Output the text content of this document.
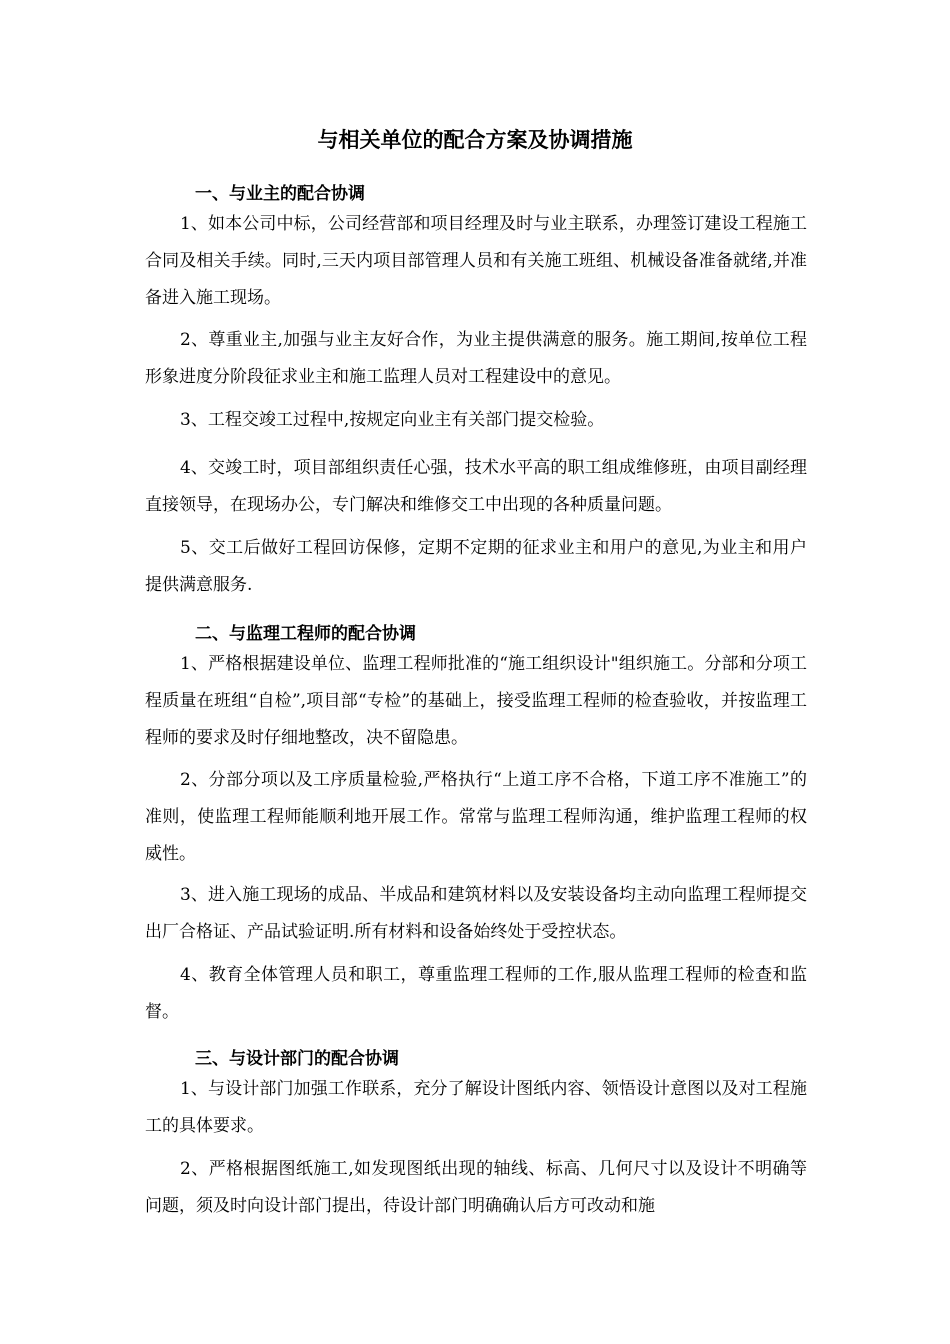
与相关单位的配合方案及协调措施
一、与业主的配合协调

1、如本公司中标，公司经营部和项目经理及时与业主联系，办理签订建设工程施工合同及相关手续。同时,三天内项目部管理人员和有关施工班组、机械设备准备就绪,并准备进入施工现场。

2、尊重业主,加强与业主友好合作，为业主提供满意的服务。施工期间,按单位工程形象进度分阶段征求业主和施工监理人员对工程建设中的意见。

3、工程交竣工过程中,按规定向业主有关部门提交检验。

4、交竣工时，项目部组织责任心强，技术水平高的职工组成维修班，由项目副经理直接领导，在现场办公，专门解决和维修交工中出现的各种质量问题。

5、交工后做好工程回访保修，定期不定期的征求业主和用户的意见,为业主和用户提供满意服务.

二、与监理工程师的配合协调

1、严格根据建设单位、监理工程师批准的“施工组织设计"组织施工。分部和分项工程质量在班组“自检”,项目部“专检”的基础上，接受监理工程师的检查验收，并按监理工程师的要求及时仔细地整改，决不留隐患。

2、分部分项以及工序质量检验,严格执行“上道工序不合格，下道工序不准施工”的准则，使监理工程师能顺利地开展工作。常常与监理工程师沟通，维护监理工程师的权威性。

3、进入施工现场的成品、半成品和建筑材料以及安装设备均主动向监理工程师提交出厂合格证、产品试验证明.所有材料和设备始终处于受控状态。

4、教育全体管理人员和职工，尊重监理工程师的工作,服从监理工程师的检查和监督。

三、与设计部门的配合协调

1、与设计部门加强工作联系，充分了解设计图纸内容、领悟设计意图以及对工程施工的具体要求。

2、严格根据图纸施工,如发现图纸出现的轴线、标高、几何尺寸以及设计不明确等问题，须及时向设计部门提出，待设计部门明确确认后方可改动和施
